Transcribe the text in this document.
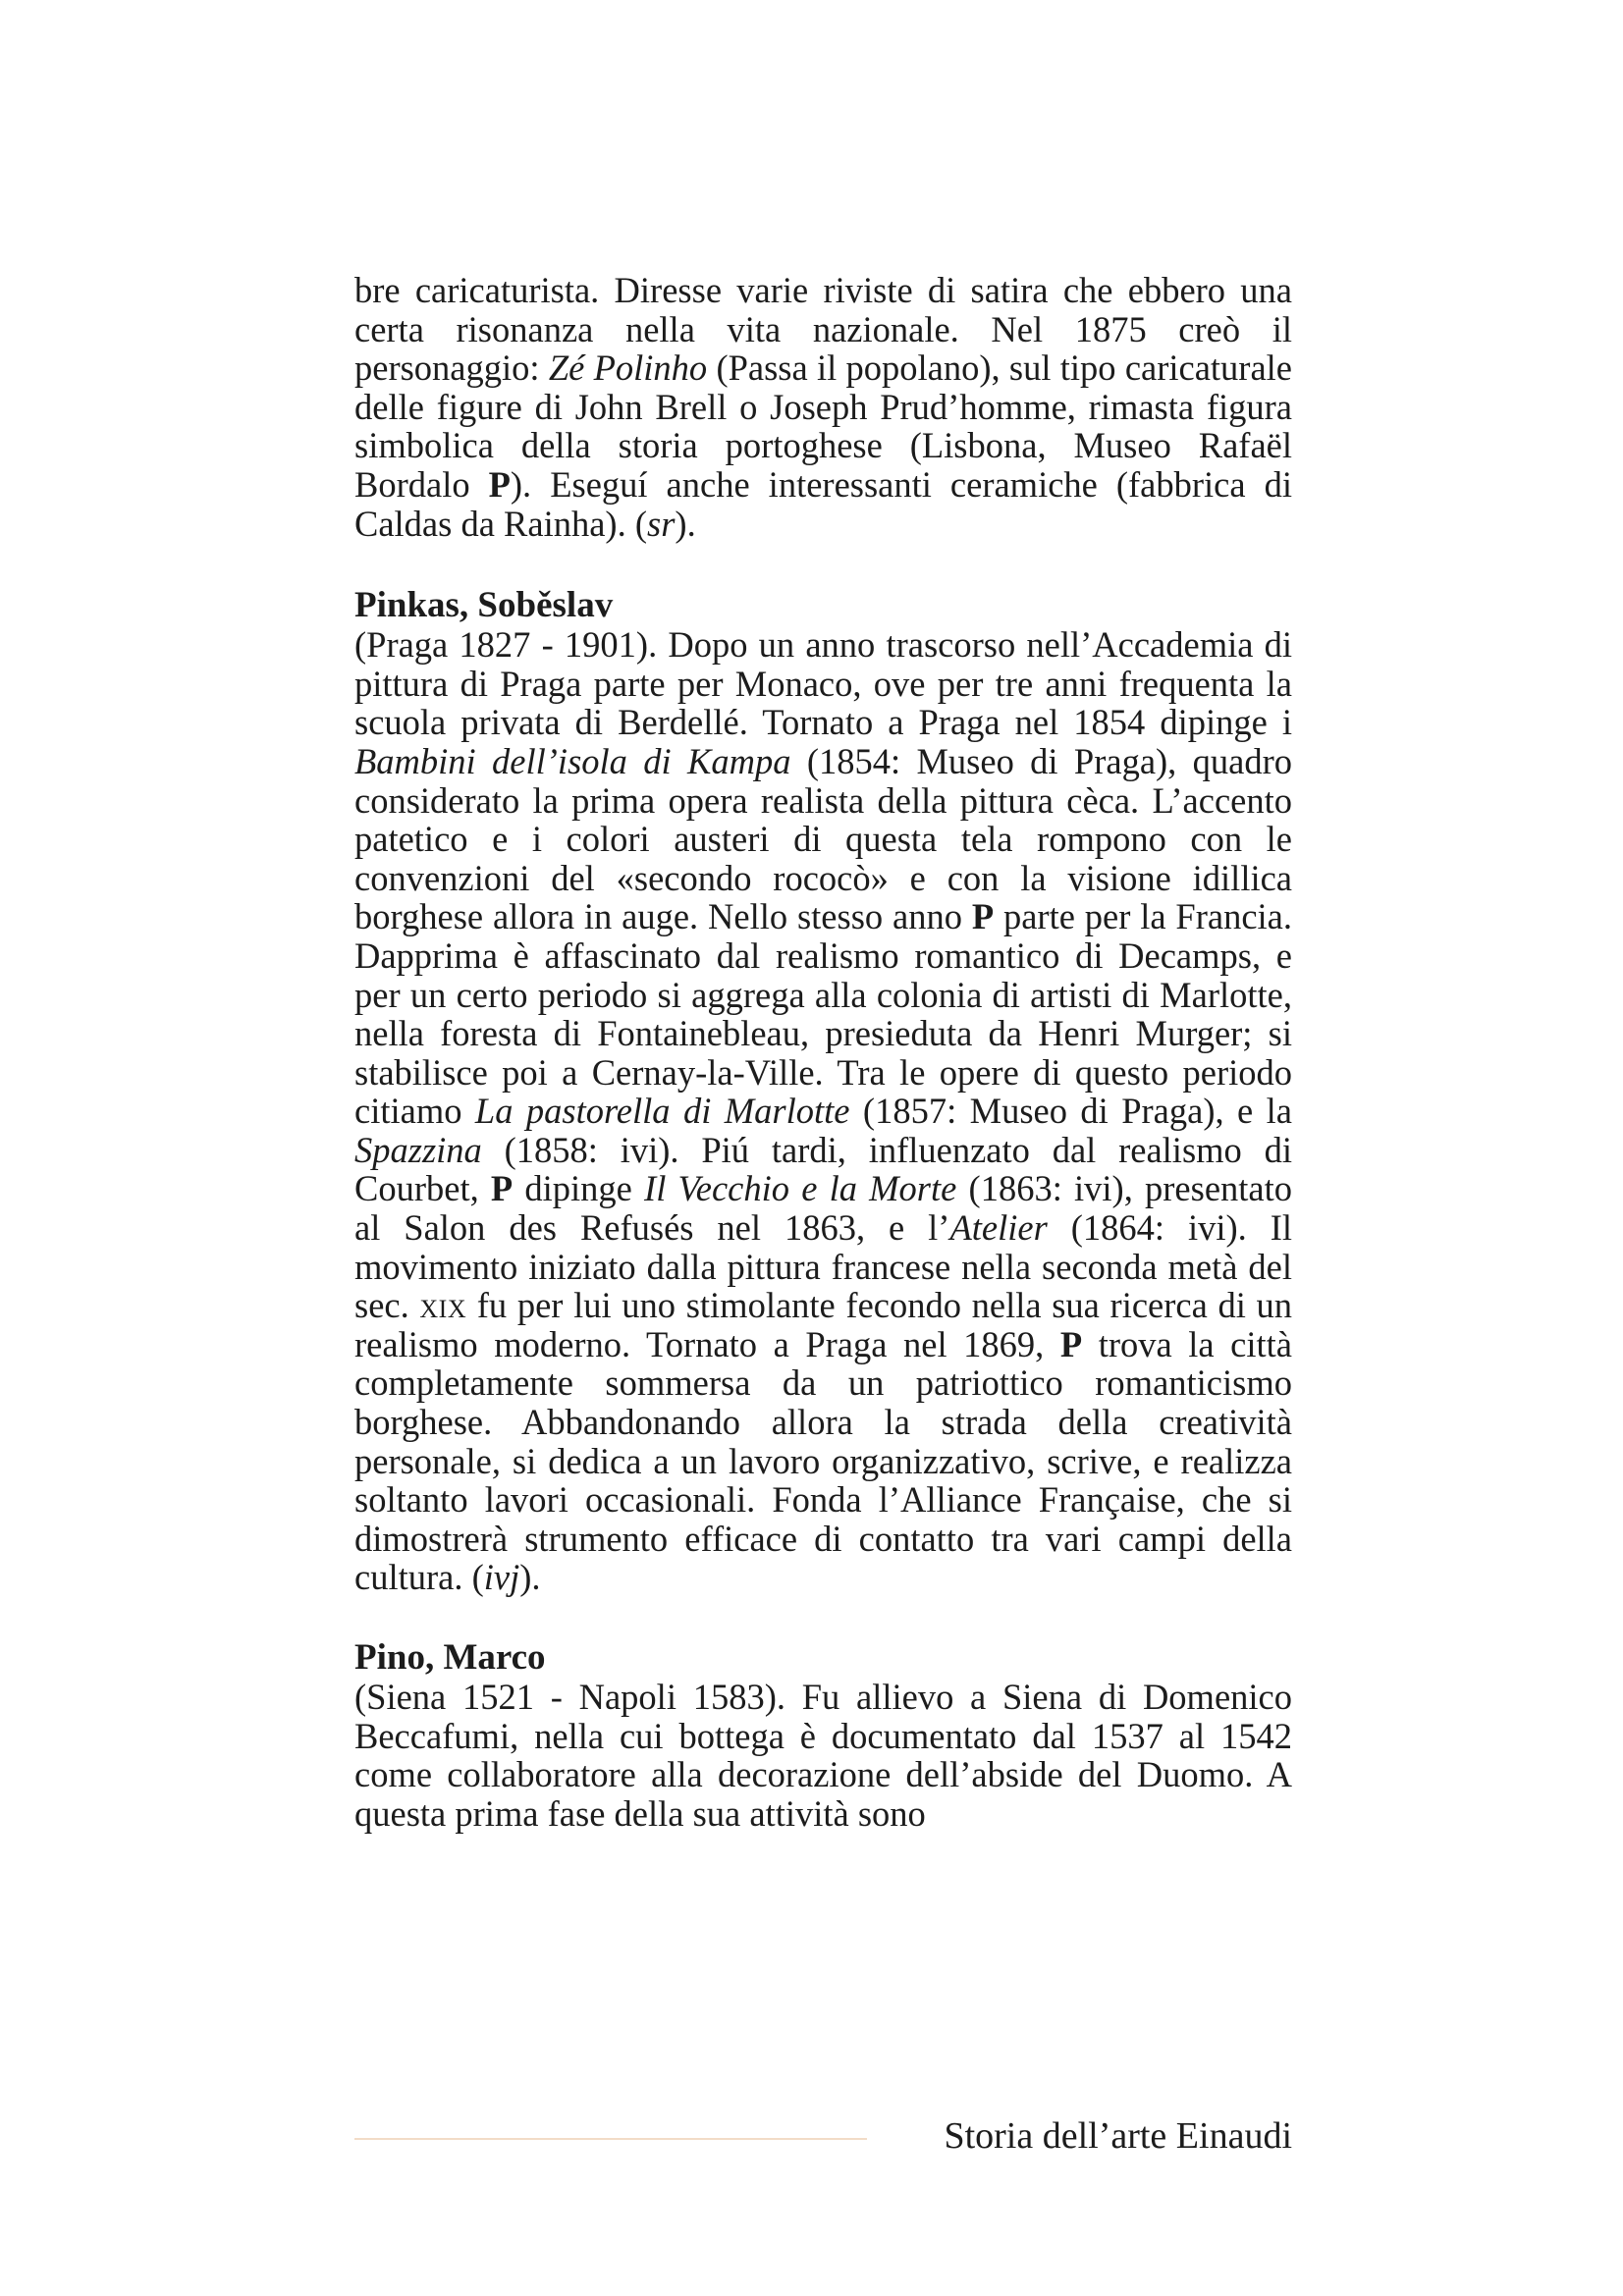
bre caricaturista. Diresse varie riviste di satira che ebbero una certa risonanza nella vita nazionale. Nel 1875 creò il personaggio: Zé Polinho (Passa il popolano), sul tipo caricaturale delle figure di John Brell o Joseph Prud’homme, rimasta figura simbolica della storia portoghese (Lisbona, Museo Rafaël Bordalo P). Eseguí anche interessanti ceramiche (fabbrica di Caldas da Rainha). (sr).

Pinkas, Soběslav

(Praga 1827 - 1901). Dopo un anno trascorso nell’Accademia di pittura di Praga parte per Monaco, ove per tre anni frequenta la scuola privata di Berdellé. Tornato a Praga nel 1854 dipinge i Bambini dell’isola di Kampa (1854: Museo di Praga), quadro considerato la prima opera realista della pittura cèca. L’accento patetico e i colori austeri di questa tela rompono con le convenzioni del «secondo rococò» e con la visione idillica borghese allora in auge. Nello stesso anno P parte per la Francia. Dapprima è affascinato dal realismo romantico di Decamps, e per un certo periodo si aggrega alla colonia di artisti di Marlotte, nella foresta di Fontainebleau, presieduta da Henri Murger; si stabilisce poi a Cernay-la-Ville. Tra le opere di questo periodo citiamo La pastorella di Marlotte (1857: Museo di Praga), e la Spazzina (1858: ivi). Piú tardi, influenzato dal realismo di Courbet, P dipinge Il Vecchio e la Morte (1863: ivi), presentato al Salon des Refusés nel 1863, e l’Atelier (1864: ivi). Il movimento iniziato dalla pittura francese nella seconda metà del sec. xix fu per lui uno stimolante fecondo nella sua ricerca di un realismo moderno. Tornato a Praga nel 1869, P trova la città completamente sommersa da un patriottico romanticismo borghese. Abbandonando allora la strada della creatività personale, si dedica a un lavoro organizzativo, scrive, e realizza soltanto lavori occasionali. Fonda l’Alliance Française, che si dimostrerà strumento efficace di contatto tra vari campi della cultura. (ivj).

Pino, Marco

(Siena 1521 - Napoli 1583). Fu allievo a Siena di Domenico Beccafumi, nella cui bottega è documentato dal 1537 al 1542 come collaboratore alla decorazione dell’abside del Duomo. A questa prima fase della sua attività sono

Storia dell’arte Einaudi
